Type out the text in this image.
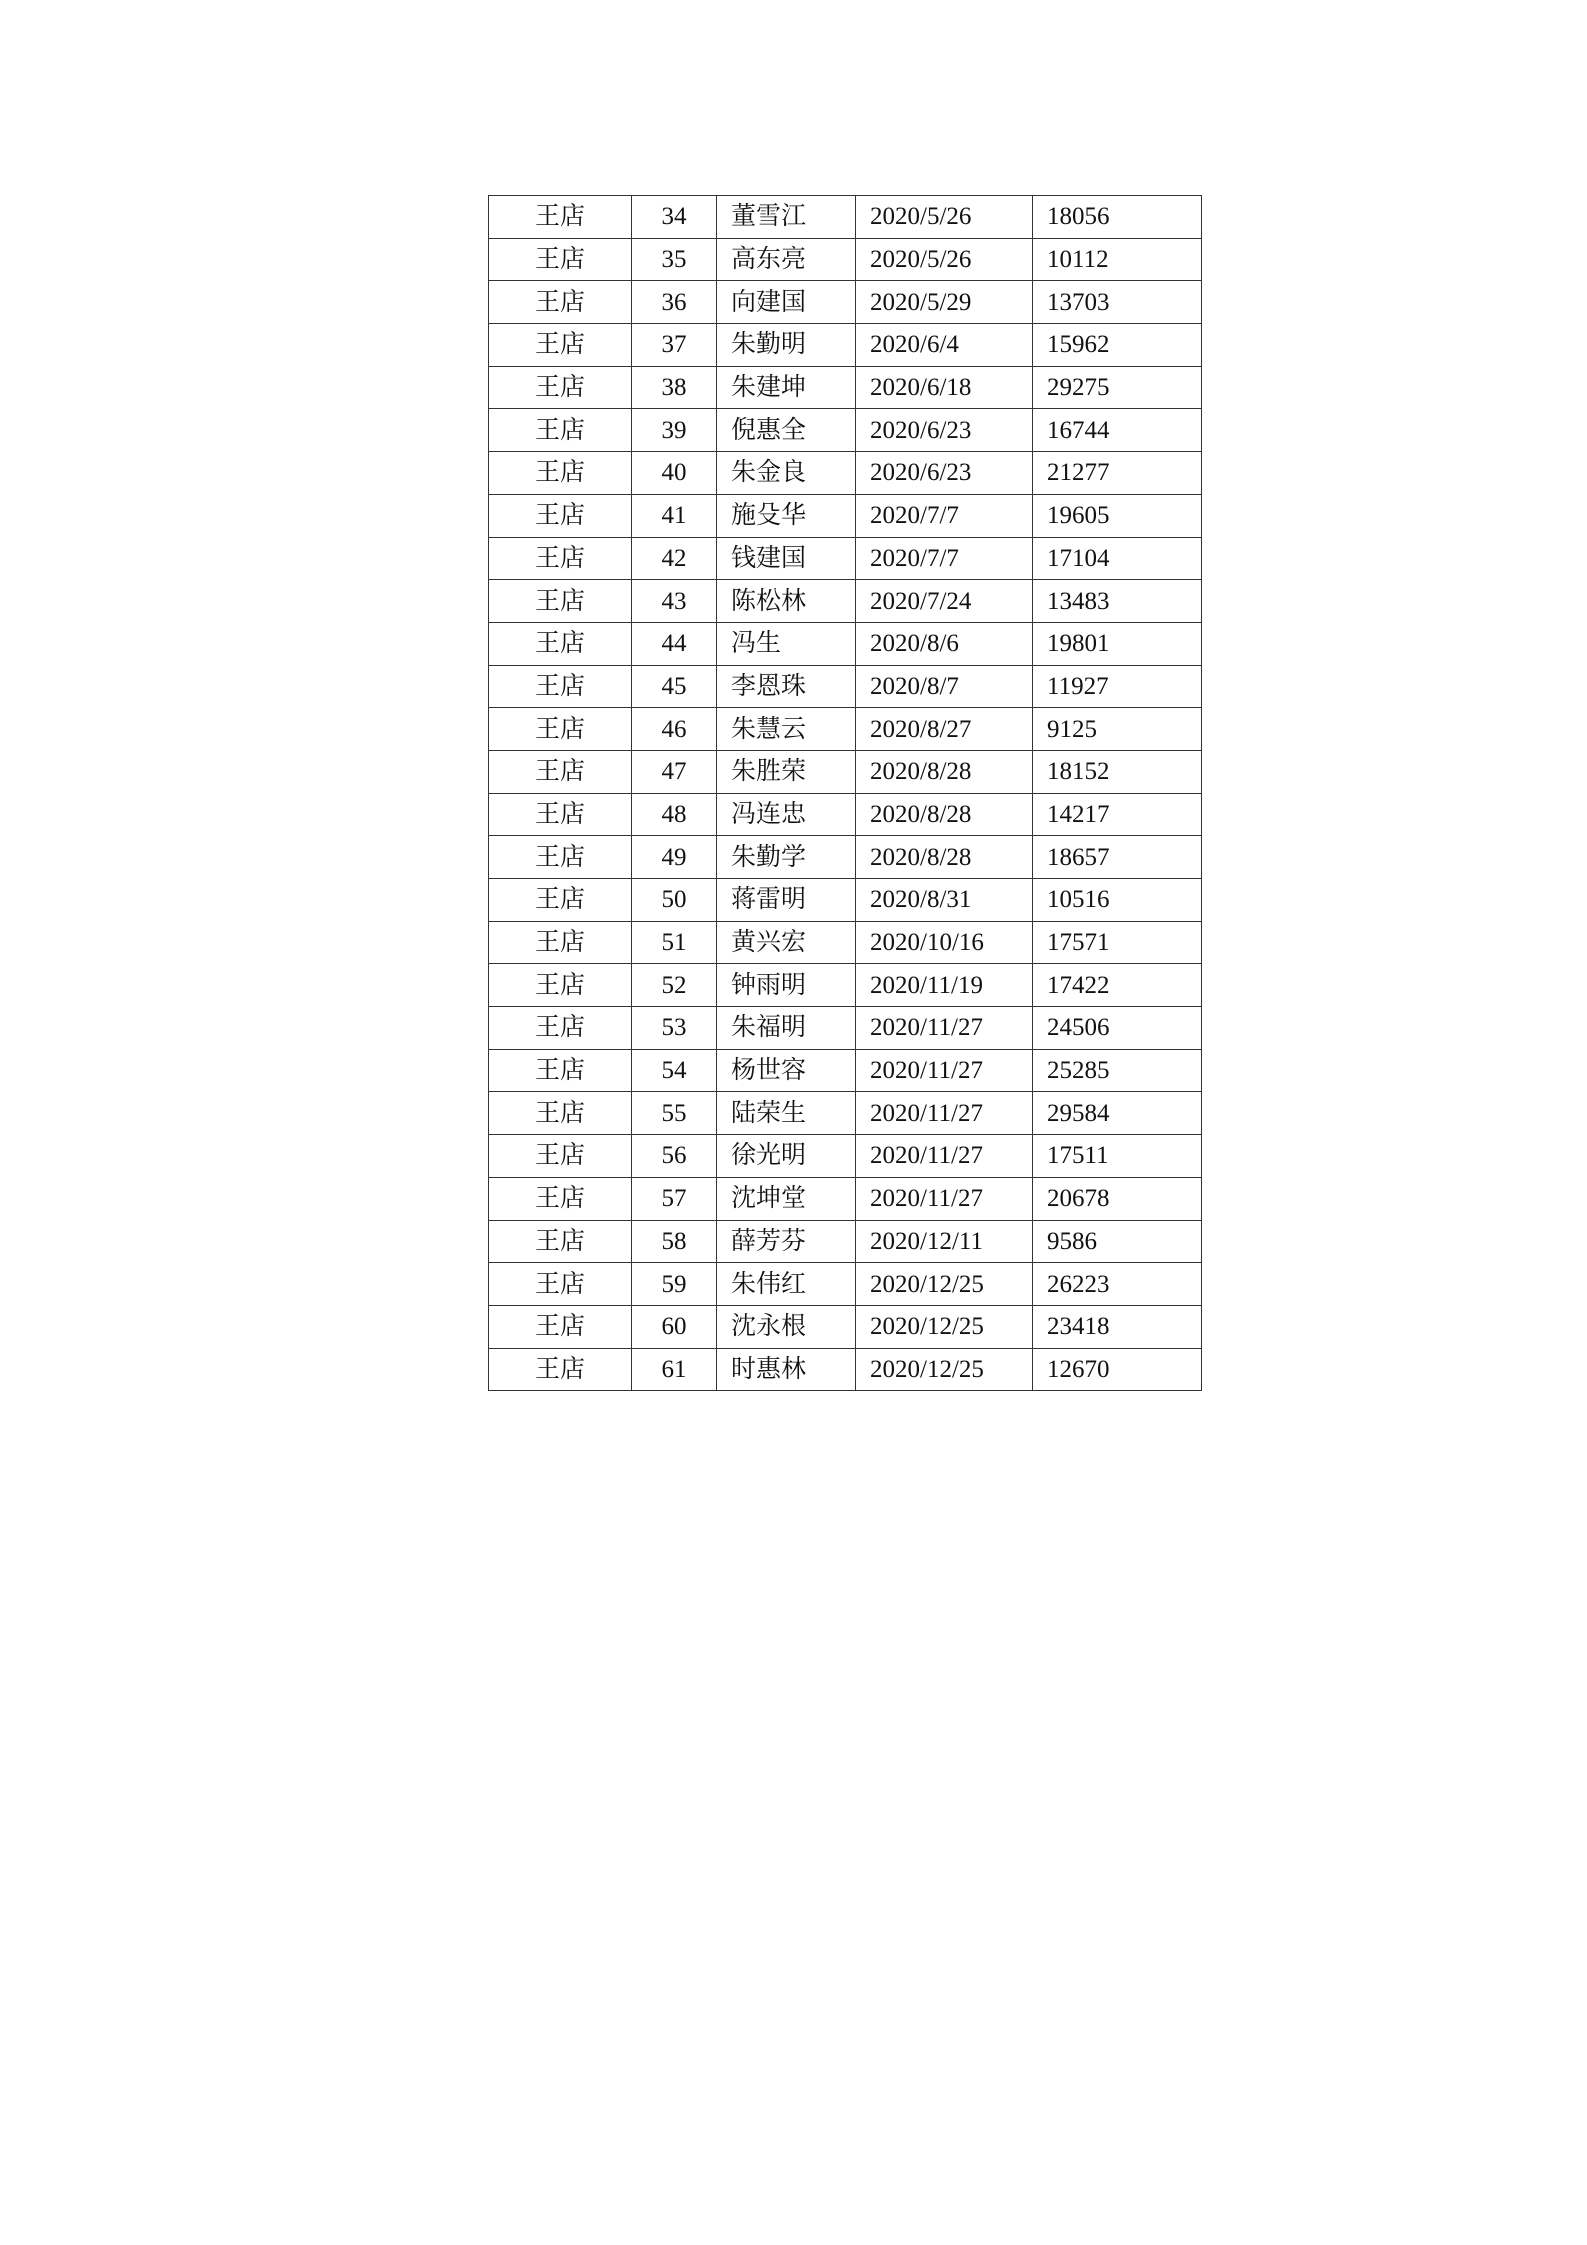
王店	34	董雪江	2020/5/26	18056
王店	35	高东亮	2020/5/26	10112
王店	36	向建国	2020/5/29	13703
王店	37	朱勤明	2020/6/4	15962
王店	38	朱建坤	2020/6/18	29275
王店	39	倪惠全	2020/6/23	16744
王店	40	朱金良	2020/6/23	21277
王店	41	施殳华	2020/7/7	19605
王店	42	钱建国	2020/7/7	17104
王店	43	陈松林	2020/7/24	13483
王店	44	冯生	2020/8/6	19801
王店	45	李恩珠	2020/8/7	11927
王店	46	朱慧云	2020/8/27	9125
王店	47	朱胜荣	2020/8/28	18152
王店	48	冯连忠	2020/8/28	14217
王店	49	朱勤学	2020/8/28	18657
王店	50	蒋雷明	2020/8/31	10516
王店	51	黄兴宏	2020/10/16	17571
王店	52	钟雨明	2020/11/19	17422
王店	53	朱福明	2020/11/27	24506
王店	54	杨世容	2020/11/27	25285
王店	55	陆荣生	2020/11/27	29584
王店	56	徐光明	2020/11/27	17511
王店	57	沈坤堂	2020/11/27	20678
王店	58	薛芳芬	2020/12/11	9586
王店	59	朱伟红	2020/12/25	26223
王店	60	沈永根	2020/12/25	23418
王店	61	时惠林	2020/12/25	12670
